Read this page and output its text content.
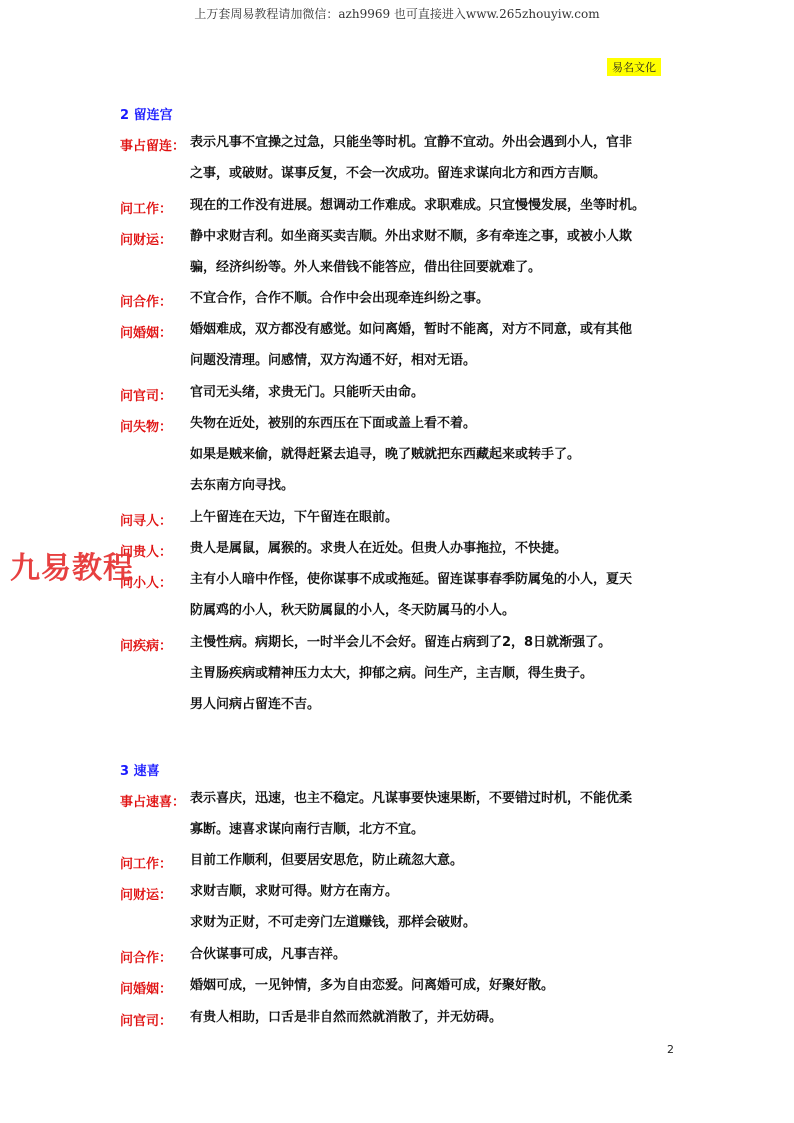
上万套周易教程请加微信：azh9969 也可直接进入www.265zhouyiw.com
易名文化
2 留连宫
事占留连： 表示凡事不宜操之过急，只能坐等时机。宜静不宜动。外出会遇到小人，官非

之事，或破财。谋事反复，不会一次成功。留连求谋向北方和西方吉顺。

问工作： 现在的工作没有进展。想调动工作难成。求职难成。只宜慢慢发展，坐等时机。

问财运： 静中求财吉利。如坐商买卖吉顺。外出求财不顺，多有牵连之事，或被小人欺

骗，经济纠纷等。外人来借钱不能答应，借出往回要就难了。

问合作： 不宜合作，合作不顺。合作中会出现牵连纠纷之事。

问婚姻： 婚姻难成，双方都没有感觉。如问离婚，暂时不能离，对方不同意，或有其他

问题没清理。问感情，双方沟通不好，相对无语。

问官司： 官司无头绪，求贵无门。只能听天由命。

问失物： 失物在近处，被别的东西压在下面或盖上看不着。

如果是贼来偷，就得赶紧去追寻，晚了贼就把东西藏起来或转手了。

去东南方向寻找。

问寻人： 上午留连在天边，下午留连在眼前。

问贵人： 贵人是属鼠，属猴的。求贵人在近处。但贵人办事拖拉，不快捷。

问小人： 主有小人暗中作怪，使你谋事不成或拖延。留连谋事春季防属兔的小人，夏天

防属鸡的小人，秋天防属鼠的小人，冬天防属马的小人。

问疾病： 主慢性病。病期长，一时半会儿不会好。留连占病到了2，8日就渐强了。

主胃肠疾病或精神压力太大，抑郁之病。问生产，主吉顺，得生贵子。

男人问病占留连不吉。

3 速喜
事占速喜： 表示喜庆，迅速，也主不稳定。凡谋事要快速果断，不要错过时机，不能优柔

寡断。速喜求谋向南行吉顺，北方不宜。

问工作： 目前工作顺利，但要居安思危，防止疏忽大意。

问财运： 求财吉顺，求财可得。财方在南方。

求财为正财，不可走旁门左道赚钱，那样会破财。

问合作： 合伙谋事可成，凡事吉祥。

问婚姻： 婚姻可成，一见钟情，多为自由恋爱。问离婚可成，好聚好散。

问官司： 有贵人相助，口舌是非自然而然就消散了，并无妨碍。

九易教程
2
